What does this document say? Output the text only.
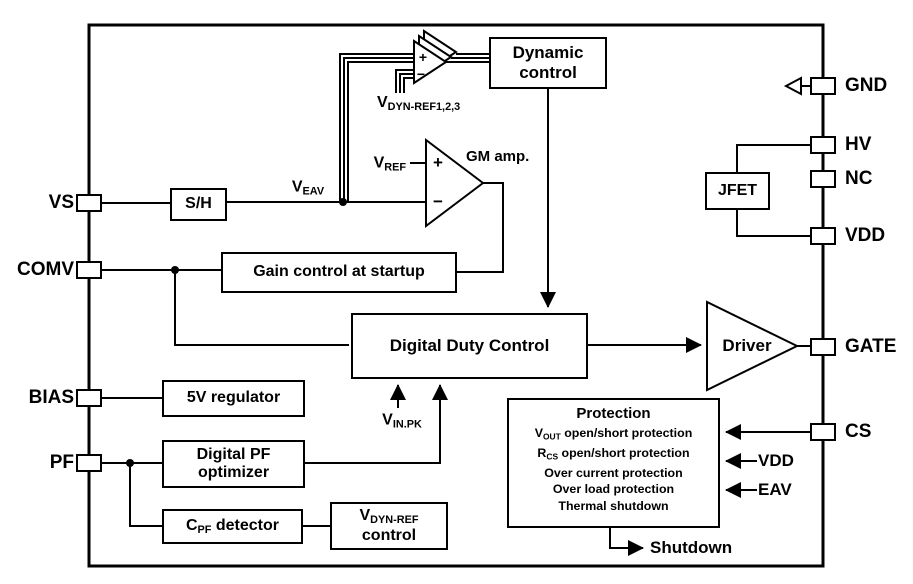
S/H
Dynamic
control
Gain control at startup
Digital Duty Control
5V regulator
Digital PF
optimizer
$C_{PF}$ detector
$V_{DYN-REF}$
control
JFET
Protection
$V_{OUT}$ open/short protection
$R_{CS}$ open/short protection
Over current protection
Over load protection
Thermal shutdown
Driver
GM amp.
+
−
+
−
$V_{DYN-REF1,2,3}$
$V_{REF}$
$V_{EAV}$
$V_{IN.PK}$
VDD
EAV
Shutdown
VS
COMV
BIAS
PF
GND
HV
NC
VDD
GATE
CS
